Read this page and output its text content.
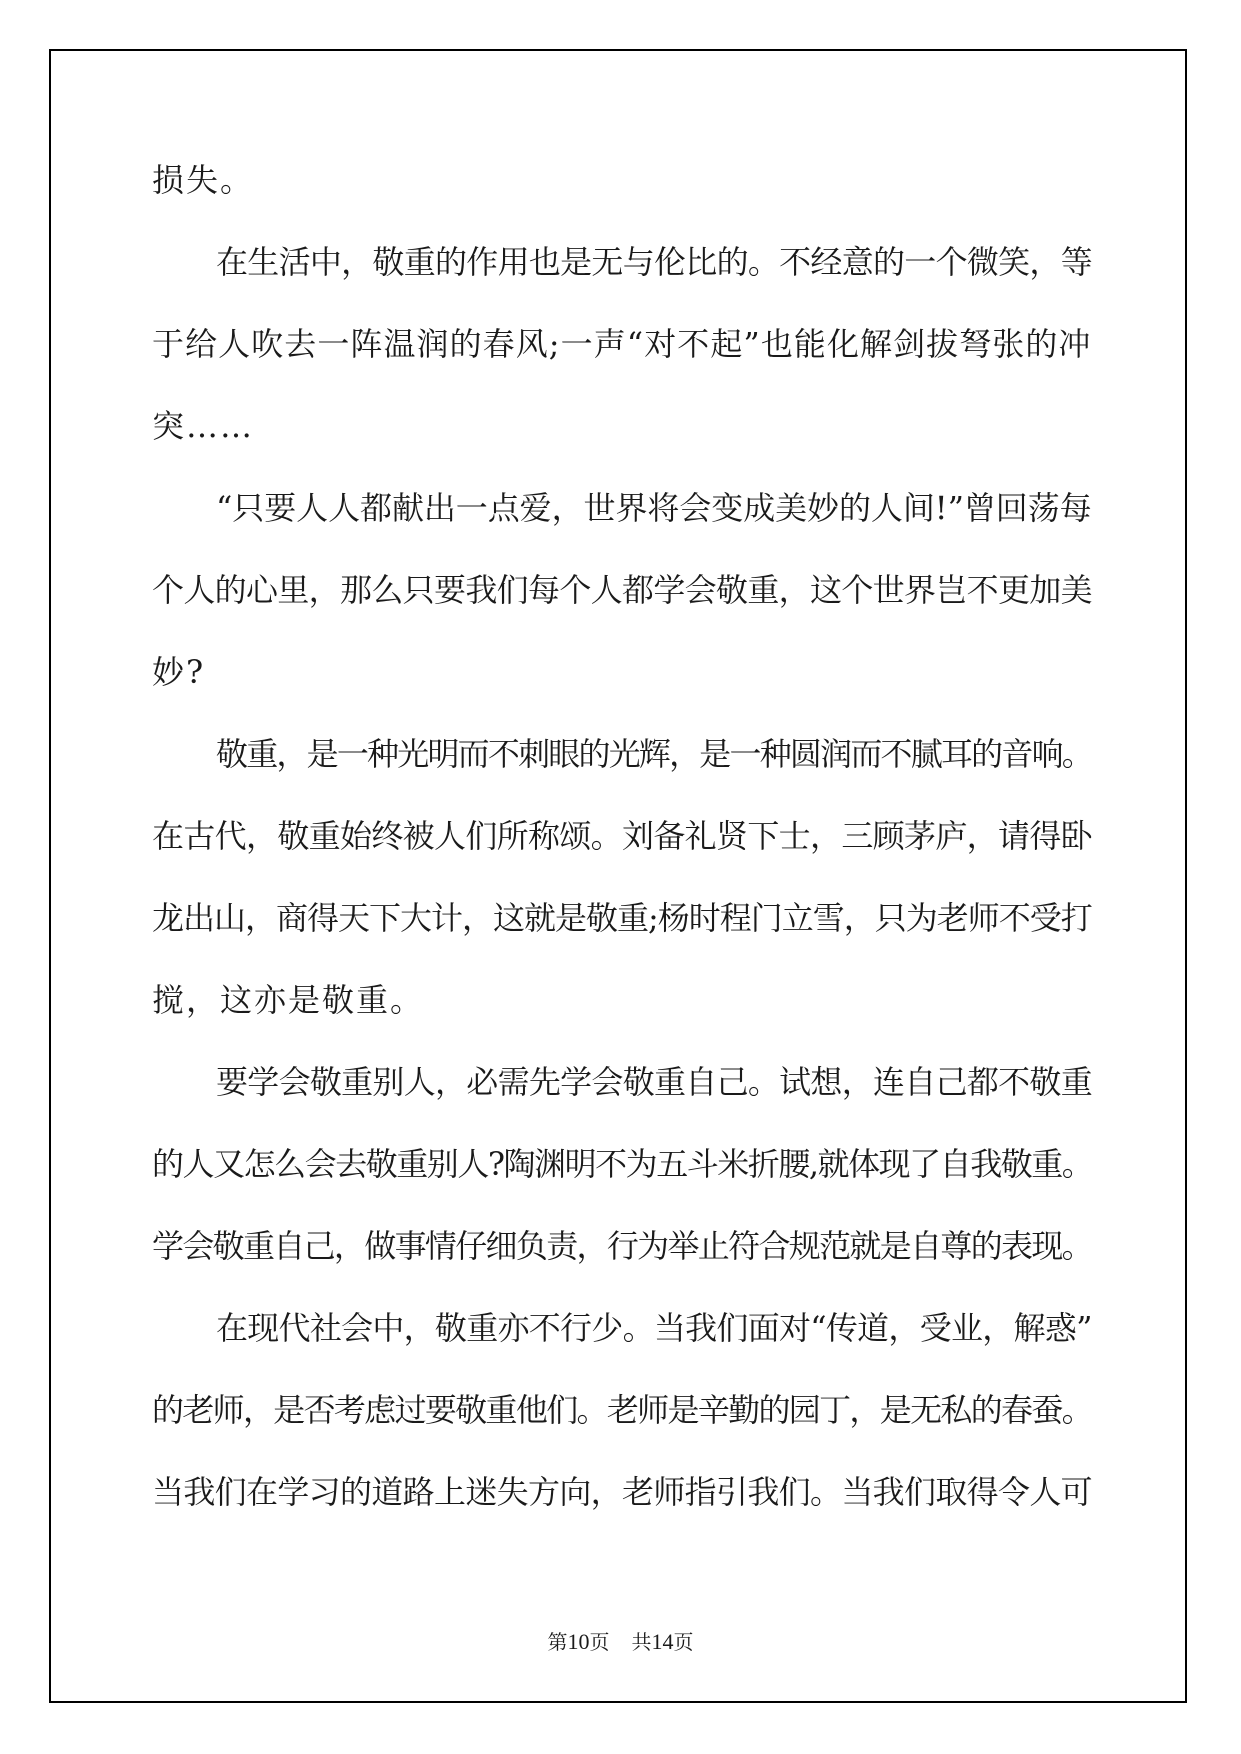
损失。
在生活中，敬重的作用也是无与伦比的。不经意的一个微笑，等
于给人吹去一阵温润的春风;一声“对不起”也能化解剑拔弩张的冲
突……
“只要人人都献出一点爱，世界将会变成美妙的人间!”曾回荡每
个人的心里，那么只要我们每个人都学会敬重，这个世界岂不更加美
妙?
敬重，是一种光明而不刺眼的光辉，是一种圆润而不腻耳的音响。
在古代，敬重始终被人们所称颂。刘备礼贤下士，三顾茅庐，请得卧
龙出山，商得天下大计，这就是敬重;杨时程门立雪，只为老师不受打
搅，这亦是敬重。
要学会敬重别人，必需先学会敬重自己。试想，连自己都不敬重
的人又怎么会去敬重别人?陶渊明不为五斗米折腰,就体现了自我敬重。
学会敬重自己，做事情仔细负责，行为举止符合规范就是自尊的表现。
在现代社会中，敬重亦不行少。当我们面对“传道，受业，解惑”
的老师，是否考虑过要敬重他们。老师是辛勤的园丁，是无私的春蚕。
当我们在学习的道路上迷失方向，老师指引我们。当我们取得令人可
第10页 共14页
